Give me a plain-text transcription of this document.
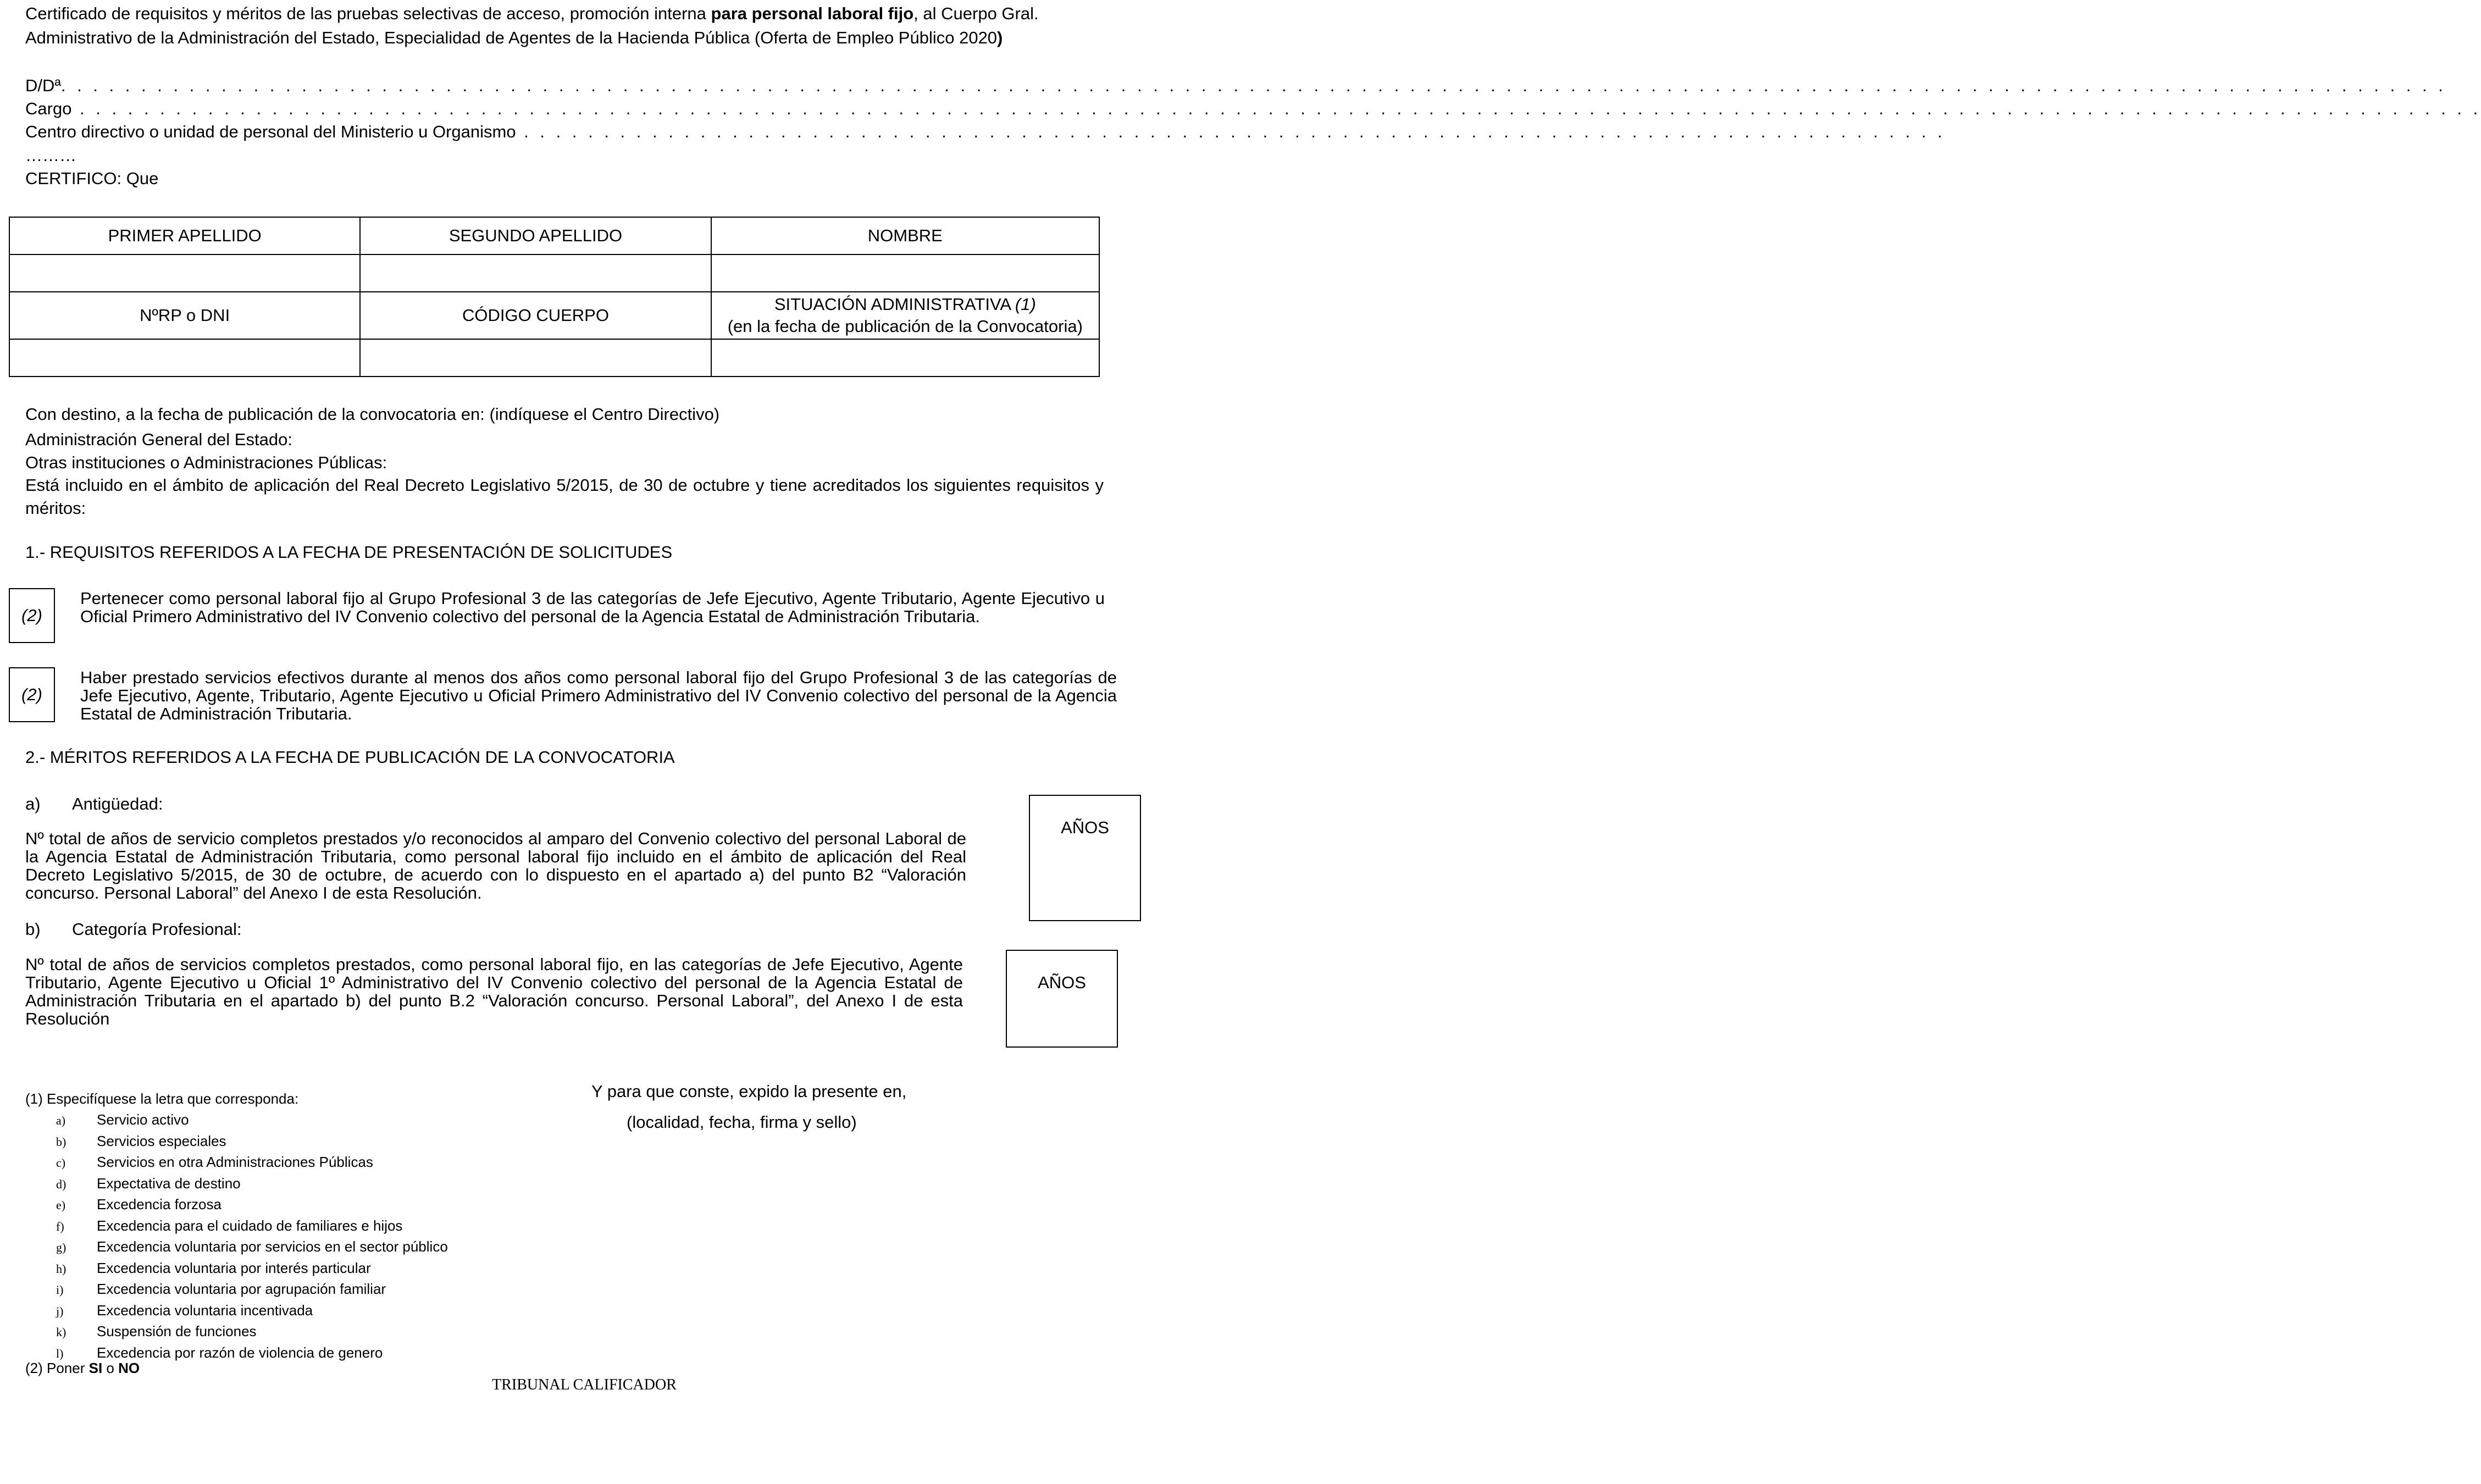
Certificado de requisitos y méritos de las pruebas selectivas de acceso, promoción interna para personal laboral fijo, al Cuerpo Gral.
Administrativo de la Administración del Estado, Especialidad de Agentes de la Hacienda Pública (Oferta de Empleo Público 2020)
D/Dª. . . . . . . . . . . . . . . . . . . . . . . . . . . . . . . . . . . . . . . . . . . . . . . . . . . . . . . . . . . . . . . . . . . . . . . . . . . . . . . . . . . . . . . . . . . . . . . . . . . . . . . . . . . . . . . . . . . . . . . . . . . . . . . . . . . . . . . . . . . . . . . . . . . . .
Cargo . . . . . . . . . . . . . . . . . . . . . . . . . . . . . . . . . . . . . . . . . . . . . . . . . . . . . . . . . . . . . . . . . . . . . . . . . . . . . . . . . . . . . . . . . . . . . . . . . . . . . . . . . . . . . . . . . . . . . . . . . . . . . . . . . . . . . . . . . . . . . . . . . . . . . .
Centro directivo o unidad de personal del Ministerio u Organismo . . . . . . . . . . . . . . . . . . . . . . . . . . . . . . . . . . . . . . . . . . . . . . . . . . . . . . . . . . . . . . . . . . . . . . . . . . . . . . . . . . . . . . . . .
………
CERTIFICO: Que
PRIMER APELLIDO	SEGUNDO APELLIDO	NOMBRE

NºRP o DNI	CÓDIGO CUERPO	SITUACIÓN ADMINISTRATIVA (1)
(en la fecha de publicación de la Convocatoria)

Con destino, a la fecha de publicación de la convocatoria en: (indíquese el Centro Directivo)
Administración General del Estado:
Otras instituciones o Administraciones Públicas:
Está incluido en el ámbito de aplicación del Real Decreto Legislativo 5/2015, de 30 de octubre y tiene acreditados los siguientes requisitos y méritos:
1.- REQUISITOS REFERIDOS A LA FECHA DE PRESENTACIÓN DE SOLICITUDES
(2)
Pertenecer como personal laboral fijo al Grupo Profesional 3 de las categorías de Jefe Ejecutivo, Agente Tributario, Agente Ejecutivo u Oficial Primero Administrativo del IV Convenio colectivo del personal de la Agencia Estatal de Administración Tributaria.
(2)
Haber prestado servicios efectivos durante al menos dos años como personal laboral fijo del Grupo Profesional 3 de las categorías de Jefe Ejecutivo, Agente, Tributario, Agente Ejecutivo u Oficial Primero Administrativo del IV Convenio colectivo del personal de la Agencia Estatal de Administración Tributaria.
2.- MÉRITOS REFERIDOS A LA FECHA DE PUBLICACIÓN DE LA CONVOCATORIA
a) Antigüedad:
Nº total de años de servicio completos prestados y/o reconocidos al amparo del Convenio colectivo del personal Laboral de la Agencia Estatal de Administración Tributaria, como personal laboral fijo incluido en el ámbito de aplicación del Real Decreto Legislativo 5/2015, de 30 de octubre, de acuerdo con lo dispuesto en el apartado a) del punto B2 “Valoración concurso. Personal Laboral” del Anexo I de esta Resolución.
AÑOS
b) Categoría Profesional:
Nº total de años de servicios completos prestados, como personal laboral fijo, en las categorías de Jefe Ejecutivo, Agente Tributario, Agente Ejecutivo u Oficial 1º Administrativo del IV Convenio colectivo del personal de la Agencia Estatal de Administración Tributaria en el apartado b) del punto B.2 “Valoración concurso. Personal Laboral”, del Anexo I de esta Resolución
AÑOS
Y para que conste, expido la presente en,
(localidad, fecha, firma y sello)
(1) Especifíquese la letra que corresponda:
a) Servicio activo
b) Servicios especiales
c) Servicios en otra Administraciones Públicas
d) Expectativa de destino
e) Excedencia forzosa
f) Excedencia para el cuidado de familiares e hijos
g) Excedencia voluntaria por servicios en el sector público
h) Excedencia voluntaria por interés particular
i) Excedencia voluntaria por agrupación familiar
j) Excedencia voluntaria incentivada
k) Suspensión de funciones
l) Excedencia por razón de violencia de genero
(2) Poner SI o NO
TRIBUNAL CALIFICADOR
